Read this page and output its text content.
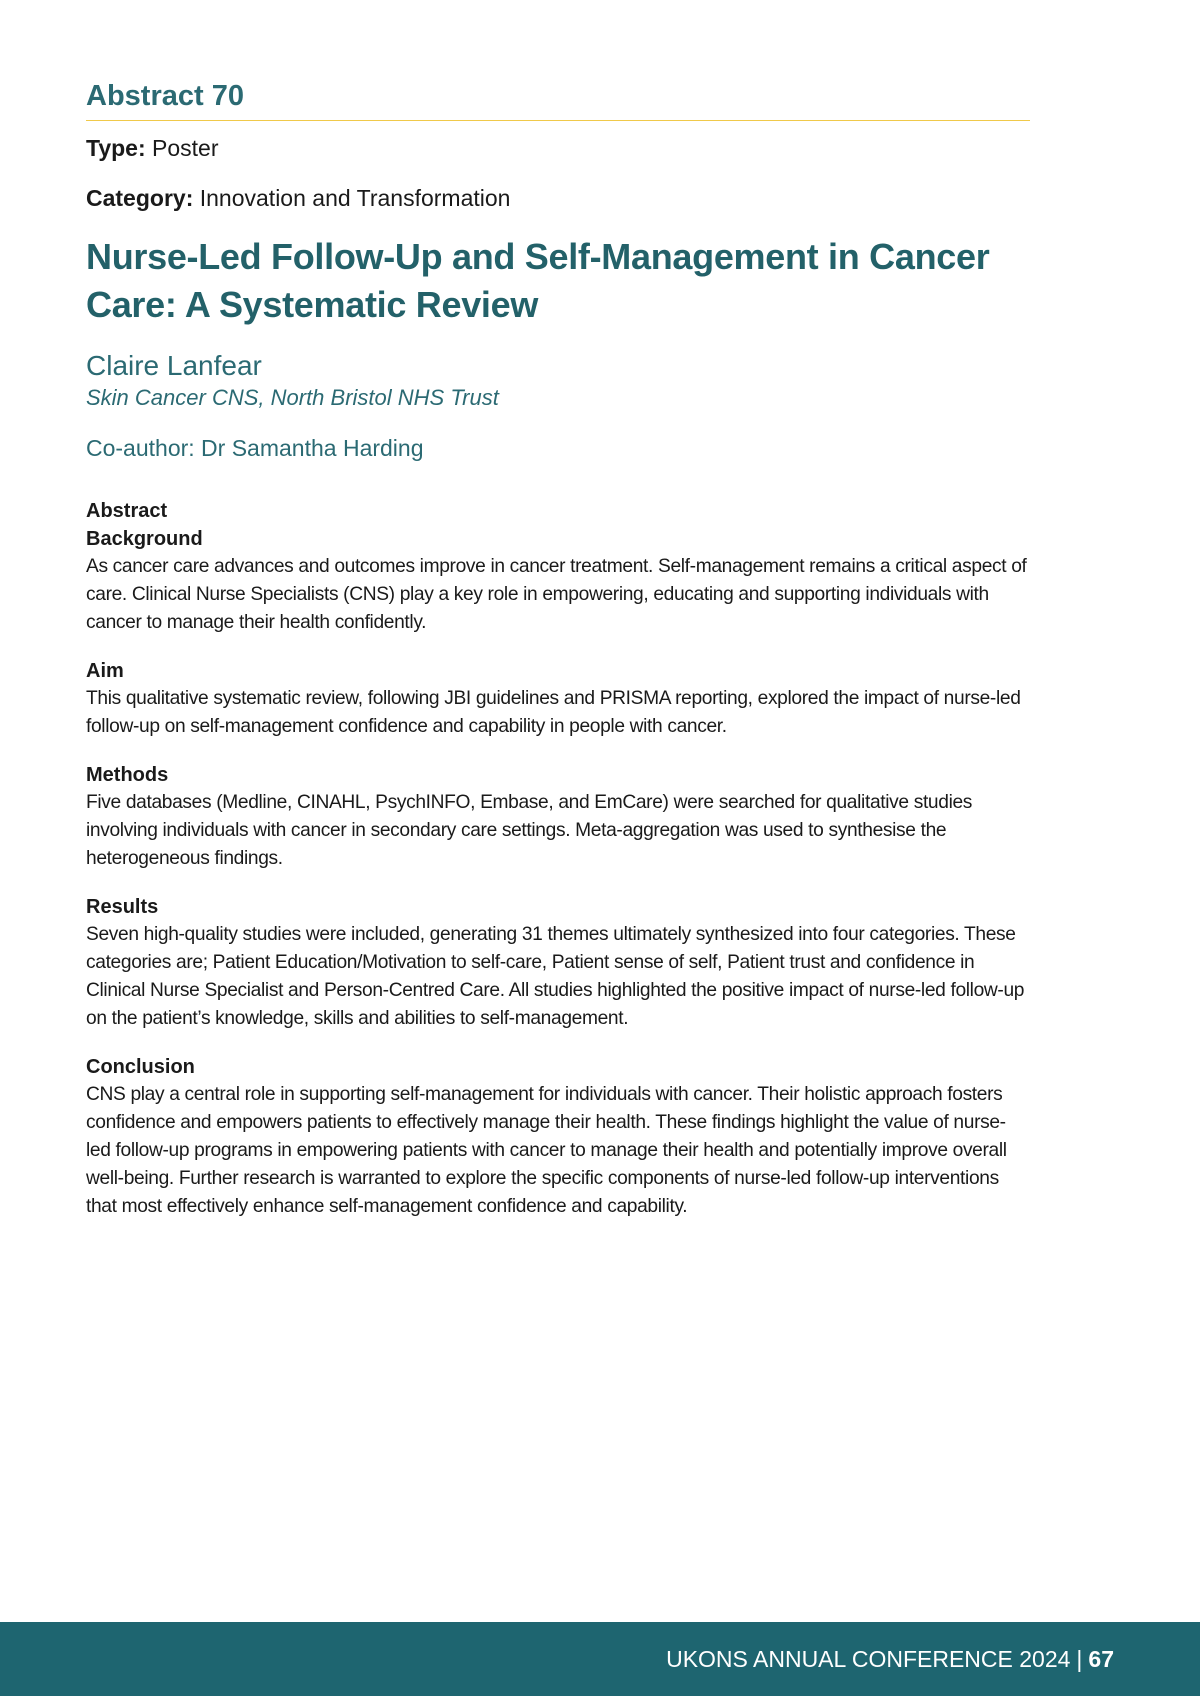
Abstract 70

Type: Poster

Category: Innovation and Transformation

Nurse-Led Follow-Up and Self-Management in Cancer Care: A Systematic Review

Claire Lanfear

Skin Cancer CNS, North Bristol NHS Trust

Co-author: Dr Samantha Harding

Abstract

Background

As cancer care advances and outcomes improve in cancer treatment. Self-management remains a critical aspect of care. Clinical Nurse Specialists (CNS) play a key role in empowering, educating and supporting individuals with cancer to manage their health confidently.

Aim

This qualitative systematic review, following JBI guidelines and PRISMA reporting, explored the impact of nurse-led follow-up on self-management confidence and capability in people with cancer.

Methods

Five databases (Medline, CINAHL, PsychINFO, Embase, and EmCare) were searched for qualitative studies involving individuals with cancer in secondary care settings. Meta-aggregation was used to synthesise the heterogeneous findings.

Results

Seven high-quality studies were included, generating 31 themes ultimately synthesized into four categories. These categories are; Patient Education/Motivation to self-care, Patient sense of self, Patient trust and confidence in Clinical Nurse Specialist and Person-Centred Care. All studies highlighted the positive impact of nurse-led follow-up on the patient’s knowledge, skills and abilities to self-management.

Conclusion

CNS play a central role in supporting self-management for individuals with cancer. Their holistic approach fosters confidence and empowers patients to effectively manage their health. These findings highlight the value of nurse-led follow-up programs in empowering patients with cancer to manage their health and potentially improve overall well-being. Further research is warranted to explore the specific components of nurse-led follow-up interventions that most effectively enhance self-management confidence and capability.

UKONS ANNUAL CONFERENCE 2024 | 67
